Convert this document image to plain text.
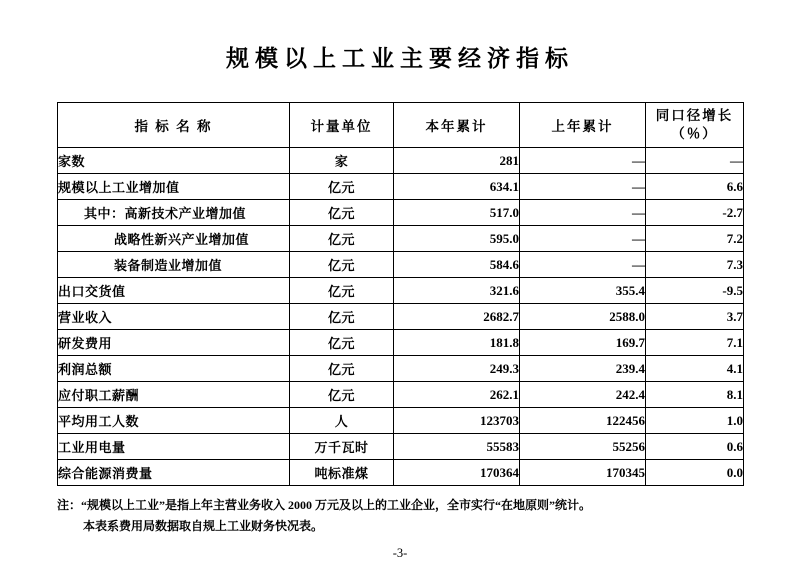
规模以上工业主要经济指标
指 标 名 称	计量单位	本年累计	上年累计	同口径增长
（％）

家数	家	281	—	—
规模以上工业增加值	亿元	634.1	—	6.6
其中：高新技术产业增加值	亿元	517.0	—	-2.7
战略性新兴产业增加值	亿元	595.0	—	7.2
装备制造业增加值	亿元	584.6	—	7.3
出口交货值	亿元	321.6	355.4	-9.5
营业收入	亿元	2682.7	2588.0	3.7
研发费用	亿元	181.8	169.7	7.1
利润总额	亿元	249.3	239.4	4.1
应付职工薪酬	亿元	262.1	242.4	8.1
平均用工人数	人	123703	122456	1.0
工业用电量	万千瓦时	55583	55256	0.6
综合能源消费量	吨标准煤	170364	170345	0.0
注：“规模以上工业”是指上年主营业务收入 2000 万元及以上的工业企业，全市实行“在地原则”统计。
本表系费用局数据取自规上工业财务快况表。
-3-
